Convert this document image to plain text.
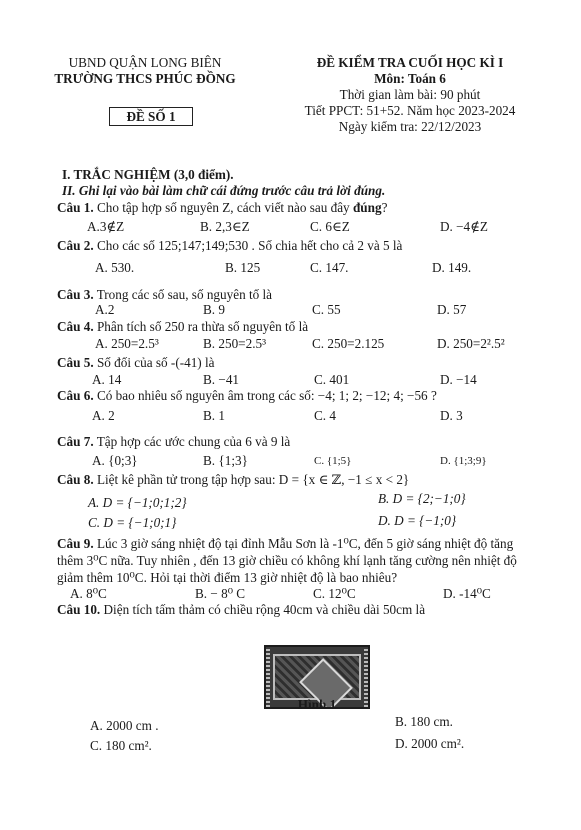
UBND QUẬN LONG BIÊN
TRƯỜNG THCS PHÚC ĐỒNG
ĐỀ SỐ 1
ĐỀ KIỂM TRA CUỐI HỌC KÌ I
Môn: Toán 6
Thời gian làm bài: 90 phút
Tiết PPCT: 51+52. Năm học 2023-2024
Ngày kiểm tra: 22/12/2023
I. TRẮC NGHIỆM (3,0 điểm).
II. Ghi lại vào bài làm chữ cái đứng trước câu trả lời đúng.
Câu 1. Cho tập hợp số nguyên Z, cách viết nào sau đây đúng?
A.3∉Z	B. 2,3∈Z	C. 6∈Z	D. −4∉Z
Câu 2. Cho các số 125;147;149;530 . Số chia hết cho cả 2 và 5 là
A. 530.	B. 125	C. 147.	D. 149.
Câu 3. Trong các số sau, số nguyên tố là
A.2	B. 9	C. 55	D. 57
Câu 4. Phân tích số 250 ra thừa số nguyên tố là
A. 250=2.5³	B. 250=2.5³	C. 250=2.125	D. 250=2².5²
Câu 5. Số đối của số -(-41) là
A. 14	B. −41	C. 401	D. −14
Câu 6. Có bao nhiêu số nguyên âm trong các số: −4; 1; 2; −12; 4; −56 ?
A. 2	B. 1	C. 4	D. 3
Câu 7. Tập hợp các ước chung của 6 và 9 là
A. {0;3}	B. {1;3}	C. {1;5}	D. {1;3;9}
Câu 8. Liệt kê phần tử trong tập hợp sau: D = {x ∈ ℤ, −1 ≤ x < 2}
A. D = {−1;0;1;2}	B. D = {2;−1;0}
C. D = {−1;0;1}	D. D = {−1;0}
Câu 9. Lúc 3 giờ sáng nhiệt độ tại đỉnh Mẫu Sơn là -1⁰C, đến 5 giờ sáng nhiệt độ tăng
thêm 3⁰C nữa. Tuy nhiên , đến 13 giờ chiều có không khí lạnh tăng cường nên nhiệt độ
giảm thêm 10⁰C. Hỏi tại thời điểm 13 giờ nhiệt độ là bao nhiêu?
A. 8⁰C	B. − 8⁰ C	C. 12⁰C	D. -14⁰C
Câu 10. Diện tích tấm thảm có chiều rộng 40cm và chiều dài 50cm là
Hình 1
A. 2000 cm .	B. 180 cm.
C. 180 cm².	D. 2000 cm².
